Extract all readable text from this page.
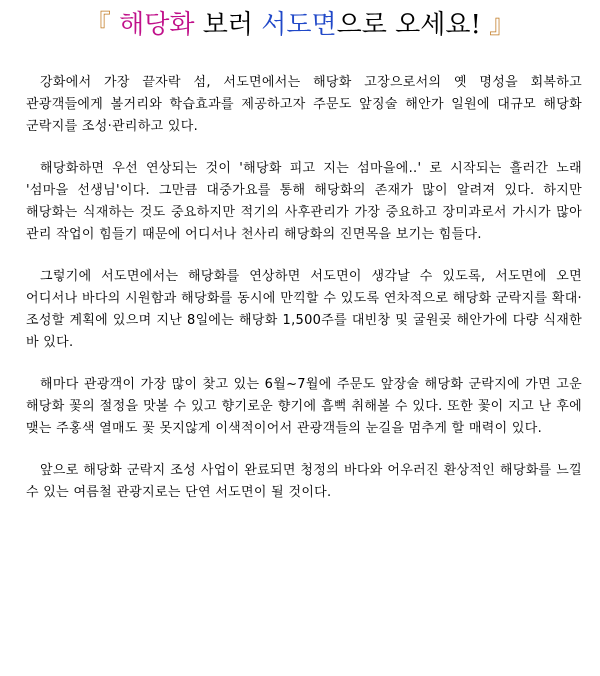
『 해당화 보러 서도면으로 오세요! 』

강화에서 가장 끝자락 섬, 서도면에서는 해당화 고장으로서의 옛 명성을 회복하고 관광객들에게 볼거리와 학습효과를 제공하고자 주문도 앞징술 해안가 일원에 대규모 해당화 군락지를 조성·관리하고 있다.

해당화하면 우선 연상되는 것이 '해당화 피고 지는 섬마을에..' 로 시작되는 흘러간 노래 '섬마을 선생님'이다. 그만큼 대중가요를 통해 해당화의 존재가 많이 알려져 있다. 하지만 해당화는 식재하는 것도 중요하지만 적기의 사후관리가 가장 중요하고 장미과로서 가시가 많아 관리 작업이 힘들기 때문에 어디서나 천사리 해당화의 진면목을 보기는 힘들다.

그렇기에 서도면에서는 해당화를 연상하면 서도면이 생각날 수 있도록, 서도면에 오면 어디서나 바다의 시원함과 해당화를 동시에 만끽할 수 있도록 연차적으로 해당화 군락지를 확대·조성할 계획에 있으며 지난 8일에는 해당화 1,500주를 대빈창 및 굴원곶 해안가에 다량 식재한 바 있다.

해마다 관광객이 가장 많이 찾고 있는 6월~7월에 주문도 앞장술 해당화 군락지에 가면 고운 해당화 꽃의 절정을 맛볼 수 있고 향기로운 향기에 흠뻑 취해볼 수 있다. 또한 꽃이 지고 난 후에 맺는 주홍색 열매도 꽃 못지않게 이색적이어서 관광객들의 눈길을 멈추게 할 매력이 있다.

앞으로 해당화 군락지 조성 사업이 완료되면 청정의 바다와 어우러진 환상적인 해당화를 느낄 수 있는 여름철 관광지로는 단연 서도면이 될 것이다.
